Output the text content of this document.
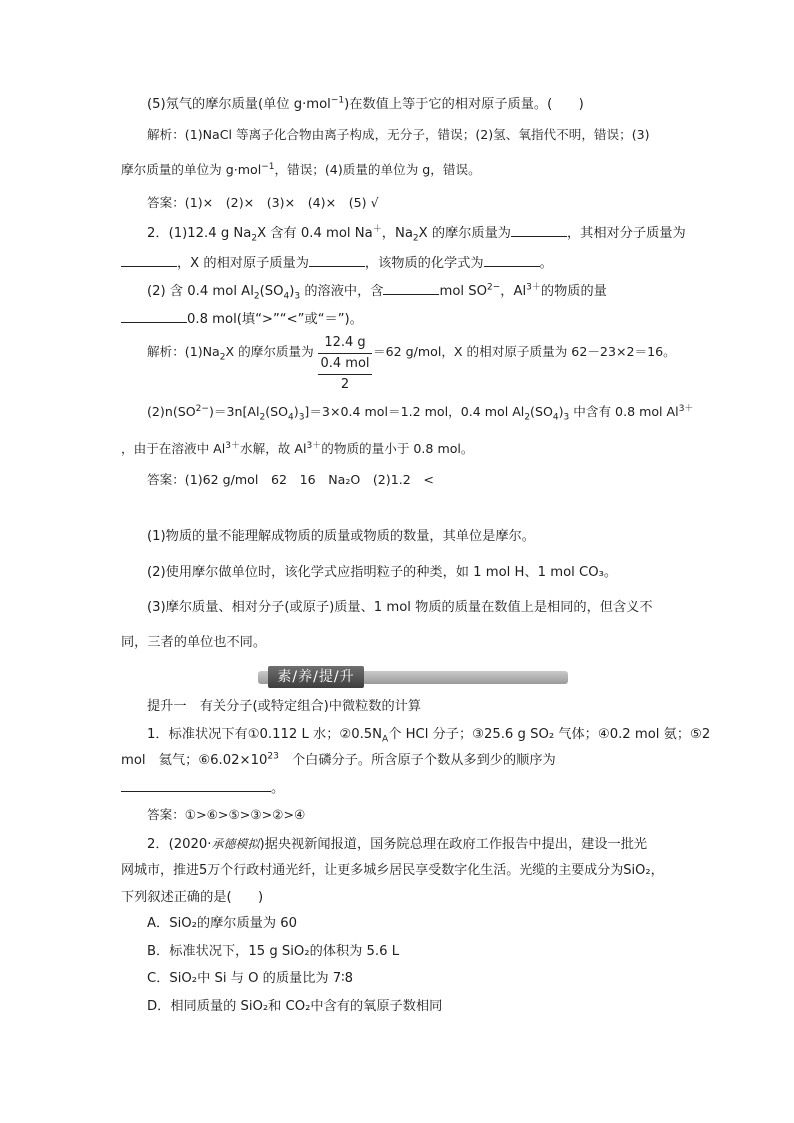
(5)氖气的摩尔质量(单位 g·mol$^{-1}$)在数值上等于它的相对原子质量。(　　)
解析：(1)NaCl 等离子化合物由离子构成，无分子，错误；(2)氢、氧指代不明，错误；(3)
摩尔质量的单位为 g·mol$^{-1}$，错误；(4)质量的单位为 g，错误。
答案：(1)×　(2)×　(3)×　(4)×　(5) √
2．(1)12.4 g $Na_2X$ 含有 0.4 mol Na＋，$Na_2X$ 的摩尔质量为	，其相对分子质量为
，X 的相对原子质量为	，该物质的化学式为	。
(2) 含 0.4 mol $Al_2(SO_4)_3$ 的溶液中，含	mol $SO^{2-}$，$Al^{3+}$的物质的量
0.8 mol(填“>”“<”或“＝”)。
解析：$(1)Na_2X$ 的摩尔质量为
12.4 g
0.4 mol
2
＝62 g/mol，X 的相对原子质量为 62－23×2＝16。
$(2)n(SO^{2-})=3n[Al_2(SO_4)_3]=3\times 0.4$ mol＝1.2 mol，0.4 mol $Al_2(SO_4)_3$ 中含有 0.8 mol $Al^{3+}$
，由于在溶液中 $Al^{3+}$水解，故 $Al^{3+}$的物质的量小于 0.8 mol。
答案：(1)62 g/mol　62　16　Na₂O　(2)1.2　<
(1)物质的量不能理解成物质的质量或物质的数量，其单位是摩尔。
(2)使用摩尔做单位时，该化学式应指明粒子的种类，如 1 mol H、1 mol CO₃。
(3)摩尔质量、相对分子(或原子)质量、1 mol 物质的质量在数值上是相同的，但含义不
同，三者的单位也不同。
素/养/提/升
提升一　有关分子(或特定组合)中微粒数的计算
1．标准状况下有①0.112 L 水；$②0.5N_A$个 HCl 分子；③25.6 g SO₂ 气体；④0.2 mol 氨；⑤2
mol　氦气；$⑥6.02\times 10^{23}$　个白磷分子。所含原子个数从多到少的顺序为
。
答案：①>⑥>⑤>③>②>④
2．(2020·承德模拟)据央视新闻报道，国务院总理在政府工作报告中提出，建设一批光
网城市，推进5万个行政村通光纤，让更多城乡居民享受数字化生活。光缆的主要成分为SiO₂，
下列叙述正确的是(　　)
A．SiO₂的摩尔质量为 60
B．标准状况下，15 g SiO₂的体积为 5.6 L
C．SiO₂中 Si 与 O 的质量比为 7∶8
D．相同质量的 SiO₂和 CO₂中含有的氧原子数相同
